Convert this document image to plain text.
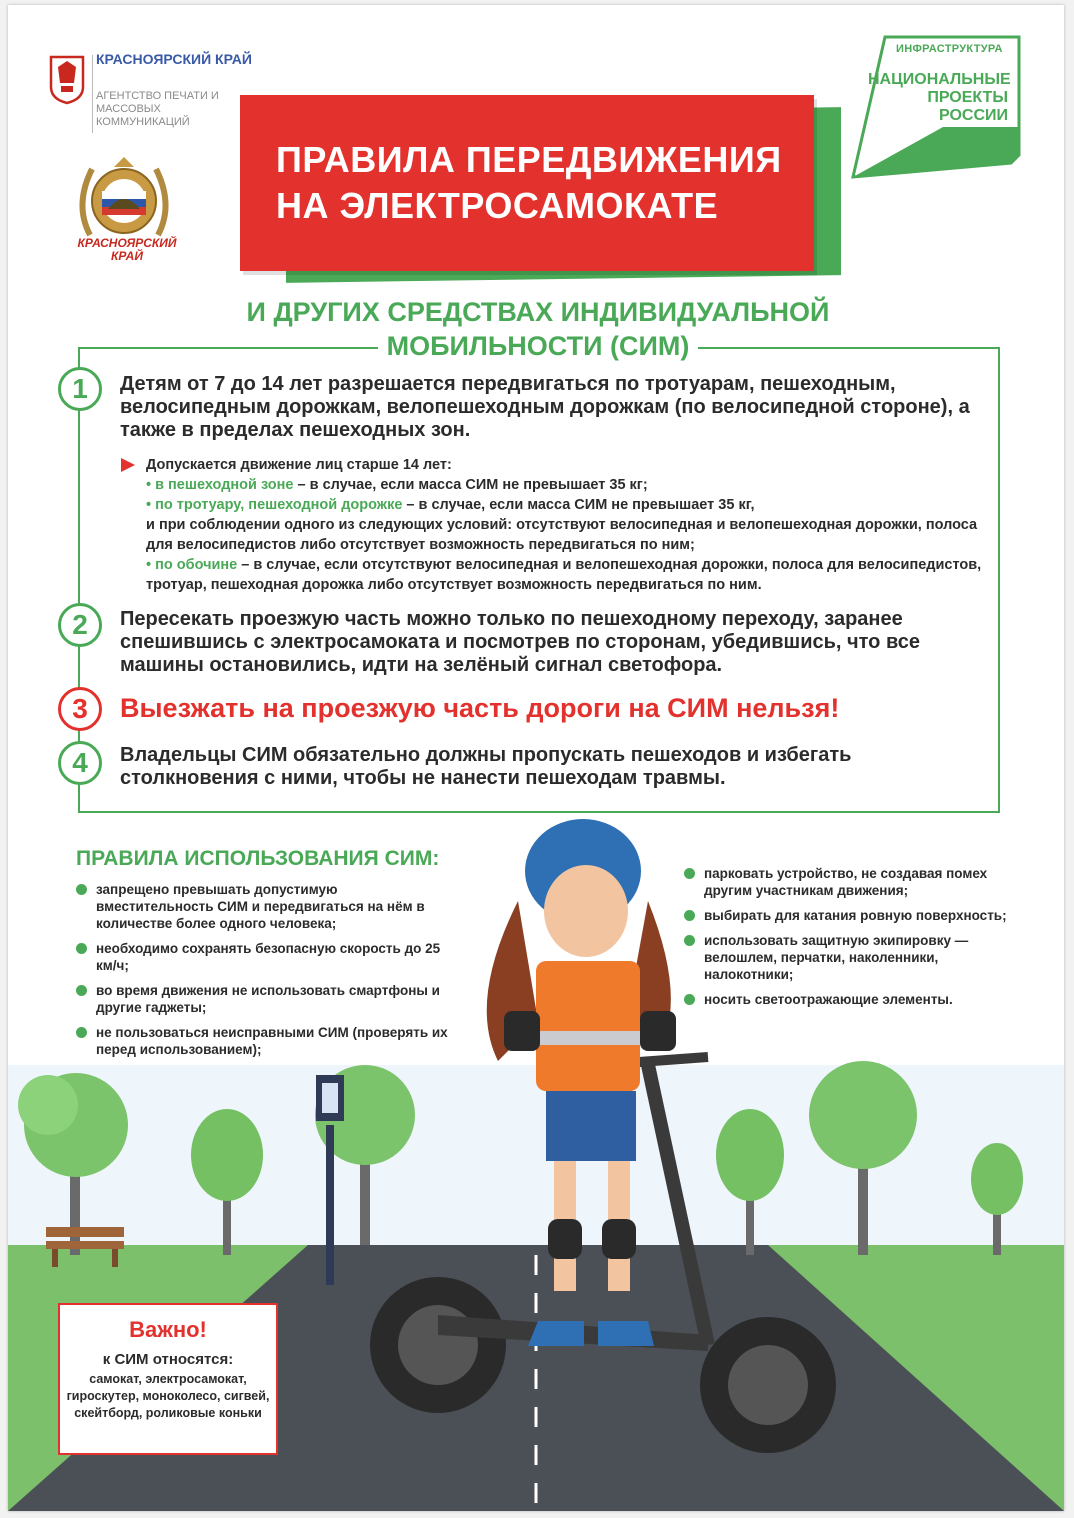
КРАСНОЯРСКИЙ КРАЙ
АГЕНТСТВО ПЕЧАТИ И МАССОВЫХ КОММУНИКАЦИЙ
КРАСНОЯРСКИЙ КРАЙ
ИНФРАСТРУКТУРА
НАЦИОНАЛЬНЫЕ ПРОЕКТЫ РОССИИ
ПРАВИЛА ПЕРЕДВИЖЕНИЯ
НА ЭЛЕКТРОСАМОКАТЕ
И ДРУГИХ СРЕДСТВАХ ИНДИВИДУАЛЬНОЙ
МОБИЛЬНОСТИ (СИМ)
1	Детям от 7 до 14 лет разрешается передвигаться по тротуарам, пешеходным, велосипедным дорожкам, велопешеходным дорожкам (по велосипедной стороне), а также в пределах пешеходных зон.
Допускается движение лиц старше 14 лет:
• в пешеходной зоне – в случае, если масса СИМ не превышает 35 кг;
• по тротуару, пешеходной дорожке – в случае, если масса СИМ не превышает 35 кг,
и при соблюдении одного из следующих условий: отсутствуют велосипедная и велопешеходная дорожки, полоса для велосипедистов либо отсутствует возможность передвигаться по ним;
• по обочине – в случае, если отсутствуют велосипедная и велопешеходная дорожки, полоса для велосипедистов, тротуар, пешеходная дорожка либо отсутствует возможность передвигаться по ним.
2	Пересекать проезжую часть можно только по пешеходному переходу, заранее спешившись с электросамоката и посмотрев по сторонам, убедившись, что все машины остановились, идти на зелёный сигнал светофора.
3	Выезжать на проезжую часть дороги на СИМ нельзя!
4	Владельцы СИМ обязательно должны пропускать пешеходов и избегать столкновения с ними, чтобы не нанести пешеходам травмы.
ПРАВИЛА ИСПОЛЬЗОВАНИЯ СИМ:
запрещено превышать допустимую вместительность СИМ и передвигаться на нём в количестве более одного человека;
необходимо сохранять безопасную скорость до 25 км/ч;
во время движения не использовать смартфоны и другие гаджеты;
не пользоваться неисправными СИМ (проверять их перед использованием);
парковать устройство, не создавая помех другим участникам движения;
выбирать для катания ровную поверхность;
использовать защитную экипировку — велошлем, перчатки, наколенники, налокотники;
носить светоотражающие элементы.
Важно!
к СИМ относятся:
самокат, электросамокат, гироскутер, моноколесо, сигвей, скейтборд, роликовые коньки
